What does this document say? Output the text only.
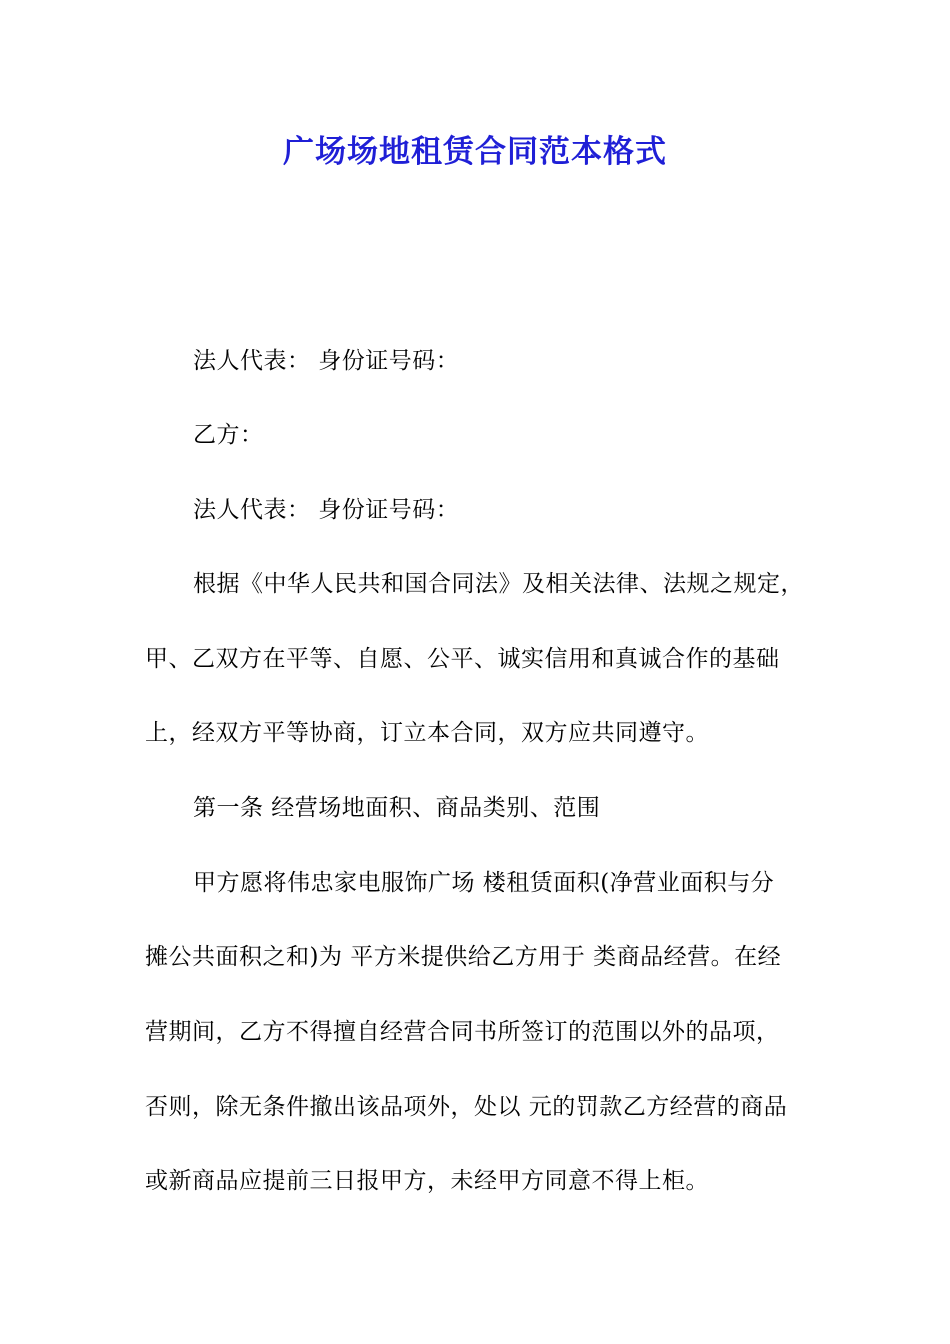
广场场地租赁合同范本格式
法人代表： 身份证号码：
乙方：
法人代表： 身份证号码：
根据《中华人民共和国合同法》及相关法律、法规之规定，
甲、乙双方在平等、自愿、公平、诚实信用和真诚合作的基础
上，经双方平等协商，订立本合同，双方应共同遵守。
第一条 经营场地面积、商品类别、范围
甲方愿将伟忠家电服饰广场 楼租赁面积(净营业面积与分
摊公共面积之和)为 平方米提供给乙方用于 类商品经营。在经
营期间，乙方不得擅自经营合同书所签订的范围以外的品项，
否则，除无条件撤出该品项外，处以 元的罚款乙方经营的商品
或新商品应提前三日报甲方，未经甲方同意不得上柜。
